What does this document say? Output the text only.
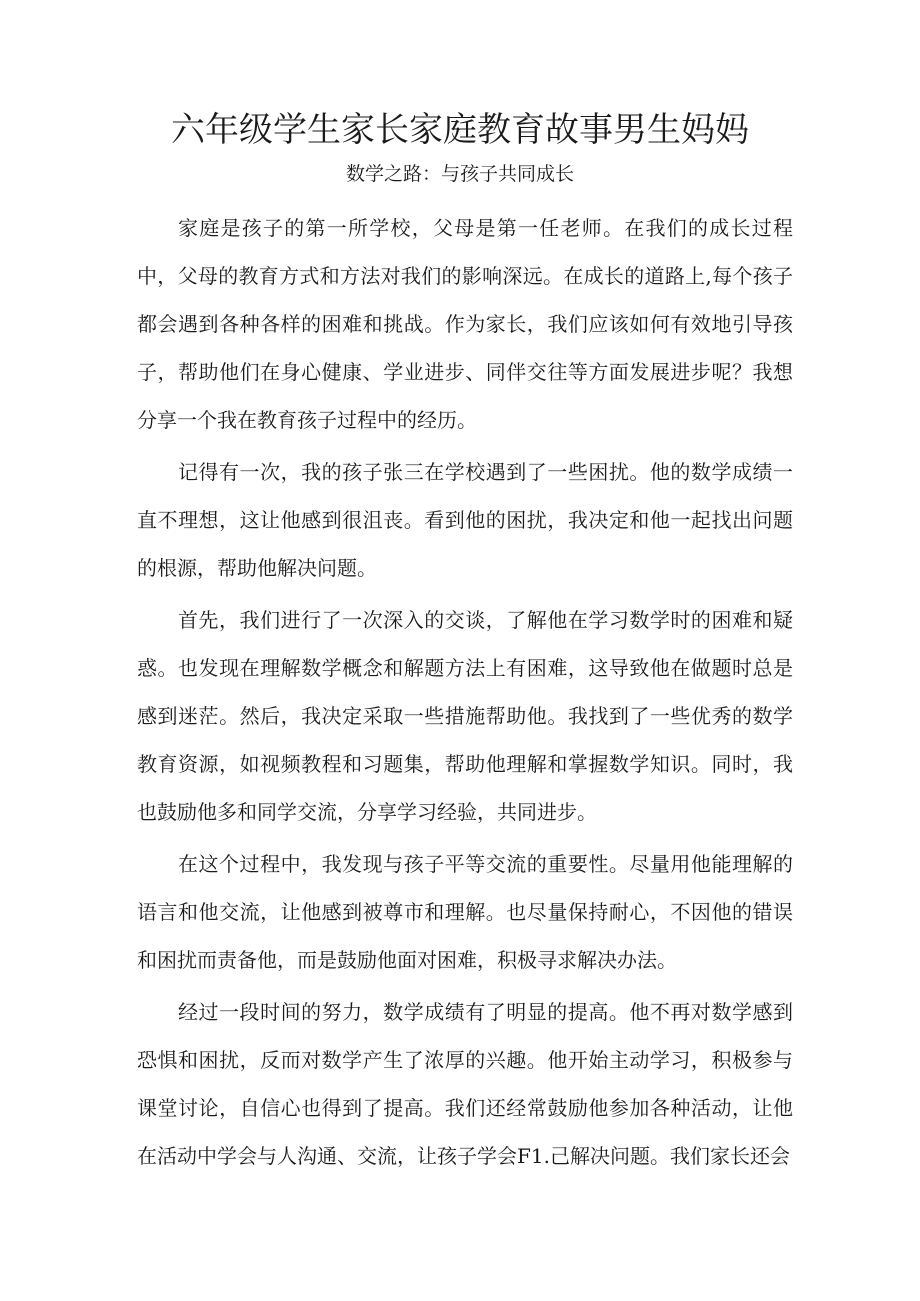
六年级学生家长家庭教育故事男生妈妈

数学之路：与孩子共同成长

家庭是孩子的第一所学校，父母是第一任老师。在我们的成长过程中，父母的教育方式和方法对我们的影响深远。在成长的道路上,每个孩子都会遇到各种各样的困难和挑战。作为家长，我们应该如何有效地引导孩子，帮助他们在身心健康、学业进步、同伴交往等方面发展进步呢？我想分享一个我在教育孩子过程中的经历。

记得有一次，我的孩子张三在学校遇到了一些困扰。他的数学成绩一直不理想，这让他感到很沮丧。看到他的困扰，我决定和他一起找出问题的根源，帮助他解决问题。

首先，我们进行了一次深入的交谈，了解他在学习数学时的困难和疑惑。也发现在理解数学概念和解题方法上有困难，这导致他在做题时总是感到迷茫。然后，我决定采取一些措施帮助他。我找到了一些优秀的数学教育资源，如视频教程和习题集，帮助他理解和掌握数学知识。同时，我也鼓励他多和同学交流，分享学习经验，共同进步。

在这个过程中，我发现与孩子平等交流的重要性。尽量用他能理解的语言和他交流，让他感到被尊市和理解。也尽量保持耐心，不因他的错误和困扰而责备他，而是鼓励他面对困难，积极寻求解决办法。

经过一段时间的努力，数学成绩有了明显的提高。他不再对数学感到恐惧和困扰，反而对数学产生了浓厚的兴趣。他开始主动学习，积极参与课堂讨论，自信心也得到了提高。我们还经常鼓励他参加各种活动，让他在活动中学会与人沟通、交流，让孩子学会F1.己解决问题。我们家长还会
